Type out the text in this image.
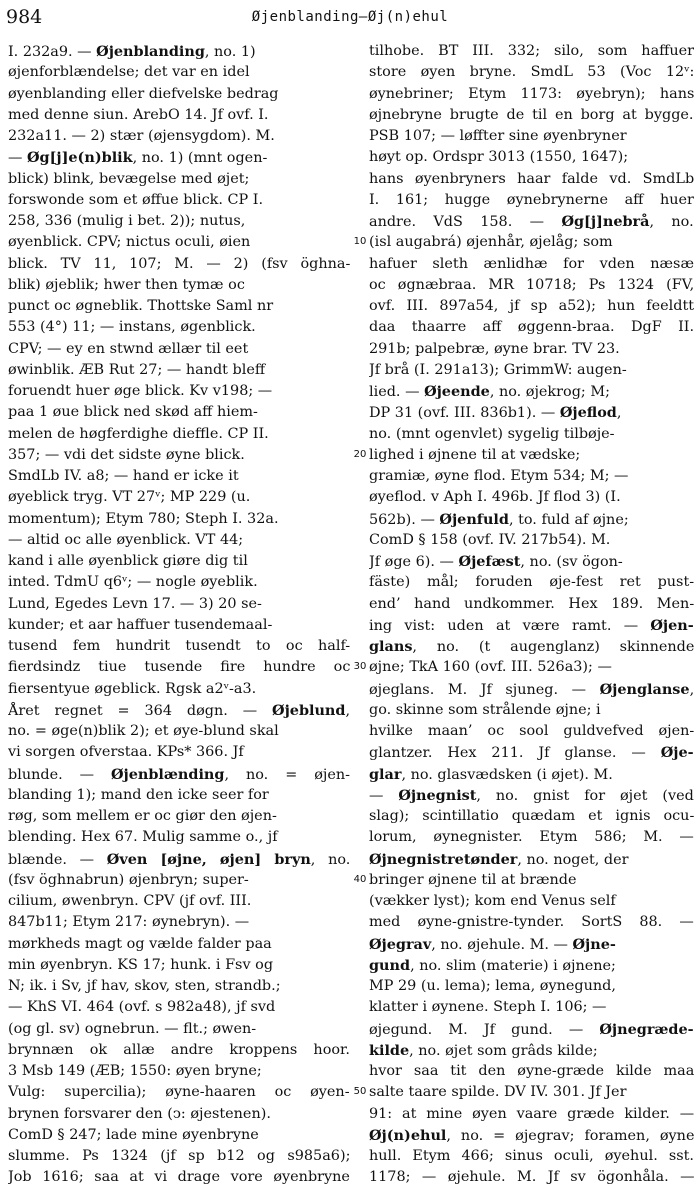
984	Øjenblanding—Øj(n)ehul
I. 232a9. — Øjenblanding, no. 1)
øjenforblændelse; det var en idel
øyenblanding eller diefvelske bedrag
med denne siun. ArebO 14. Jf ovf. I.
232a11. — 2) stær (øjensygdom). M.
— Øg[j]e(n)blik, no. 1) (mnt ogen-
blick) blink, bevægelse med øjet;
forswonde som et øffue blick. CP I.
258, 336 (mulig i bet. 2)); nutus,
øyenblick. CPV; nictus oculi, øien
blick. TV 11, 107; M. — 2) (fsv öghna-
blik) øjeblik; hwer then tymæ oc
punct oc øgneblik. Thottske Saml nr
553 (4°) 11; — instans, øgenblick.
CPV; — ey en stwnd ællær til eet
øwinblik. ÆB Rut 27; — handt bleff
foruendt huer øge blick. Kv v198; —
paa 1 øue blick ned skød aff hiem-
melen de høgferdighe dieffle. CP II.
357; — vdi det sidste øyne blick.
SmdLb IV. a8; — hand er icke it
øyeblick tryg. VT 27ᵛ; MP 229 (u.
momentum); Etym 780; Steph I. 32a.
— altid oc alle øyenblick. VT 44;
kand i alle øyenblick giøre dig til
inted. TdmU q6ᵛ; — nogle øyeblik.
Lund, Egedes Levn 17. — 3) 20 se-
kunder; et aar haffuer tusendemaal-
tusend fem hundrit tusendt to oc half-
fierdsindz tiue tusende fire hundre oc
fiersentyue øgeblick. Rgsk a2ᵛ-a3.
Året regnet = 364 døgn. — Øjeblund,
no. = øge(n)blik 2); et øye-blund skal
vi sorgen ofverstaa. KPs* 366. Jf
blunde. — Øjenblænding, no. = øjen-
blanding 1); mand den icke seer for
røg, som mellem er oc giør den øjen-
blending. Hex 67. Mulig samme o., jf
blænde. — Øven [øjne, øjen] bryn, no.
(fsv öghnabrun) øjenbryn; super-
cilium, øwenbryn. CPV (jf ovf. III.
847b11; Etym 217: øynebryn). —
mørkheds magt og vælde falder paa
min øyenbryn. KS 17; hunk. i Fsv og
N; ik. i Sv, jf hav, skov, sten, strandb.;
— KhS VI. 464 (ovf. s 982a48), jf svd
(og gl. sv) ognebrun. — flt.; øwen-
brynnæn ok allæ andre kroppens hoor.
3 Msb 149 (ÆB; 1550: øyen bryne;
Vulg: supercilia); øyne-haaren oc øyen-
brynen forsvarer den (ↄ: øjestenen).
ComD § 247; lade mine øyenbryne
slumme. Ps 1324 (jf sp b12 og s985a6);
Job 1616; saa at vi drage vore øyenbryne
tilhobe. BT III. 332; silo, som haffuer
store øyen bryne. SmdL 53 (Voc 12ᵛ:
øynebriner; Etym 1173: øyebryn); hans
øjnebryne brugte de til en borg at bygge.
PSB 107; — løffter sine øyenbryner
høyt op. Ordspr 3013 (1550, 1647);
hans øyenbryners haar falde vd. SmdLb
I. 161; hugge øynebrynerne aff huer
andre. VdS 158. — Øg[j]nebrå, no.
(isl augabrá) øjenhår, øjelåg; som
hafuer sleth ænlidhæ for vden næsæ
oc øgnæbraa. MR 10718; Ps 1324 (FV,
ovf. III. 897a54, jf sp a52); hun feeldtt
daa thaarre aff øggenn-braa. DgF II.
291b; palpebræ, øyne brar. TV 23.
Jf brå (I. 291a13); GrimmW: augen-
lied. — Øjeende, no. øjekrog; M;
DP 31 (ovf. III. 836b1). — Øjeflod,
no. (mnt ogenvlet) sygelig tilbøje-
lighed i øjnene til at vædske;
gramiæ, øyne flod. Etym 534; M; —
øyeflod. v Aph I. 496b. Jf flod 3) (I.
562b). — Øjenfuld, to. fuld af øjne;
ComD § 158 (ovf. IV. 217b54). M.
Jf øge 6). — Øjefæst, no. (sv ögon-
fäste) mål; foruden øje-fest ret pust-
end’ hand undkommer. Hex 189. Men-
ing vist: uden at være ramt. — Øjen-
glans, no. (t augenglanz) skinnende
øjne; TkA 160 (ovf. III. 526a3); —
øjeglans. M. Jf sjuneg. — Øjenglanse,
go. skinne som strålende øjne; i
hvilke maan’ oc sool guldvefved øjen-
glantzer. Hex 211. Jf glanse. — Øje-
glar, no. glasvædsken (i øjet). M.
— Øjnegnist, no. gnist for øjet (ved
slag); scintillatio quædam et ignis ocu-
lorum, øynegnister. Etym 586; M. —
Øjnegnistretønder, no. noget, der
bringer øjnene til at brænde
(vækker lyst); kom end Venus self
med øyne-gnistre-tynder. SortS 88. —
Øjegrav, no. øjehule. M. — Øjne-
gund, no. slim (materie) i øjnene;
MP 29 (u. lema); lema, øynegund,
klatter i øynene. Steph I. 106; —
øjegund. M. Jf gund. — Øjnegræde-
kilde, no. øjet som grâds kilde;
hvor saa tit den øyne-græde kilde maa
salte taare spilde. DV IV. 301. Jf Jer
91: at mine øyen vaare græde kilder. —
Øj(n)ehul, no. = øjegrav; foramen, øyne
hull. Etym 466; sinus oculi, øyehul. sst.
1178; — øjehule. M. Jf sv ögonhåla. —
10
20
30
40
50
